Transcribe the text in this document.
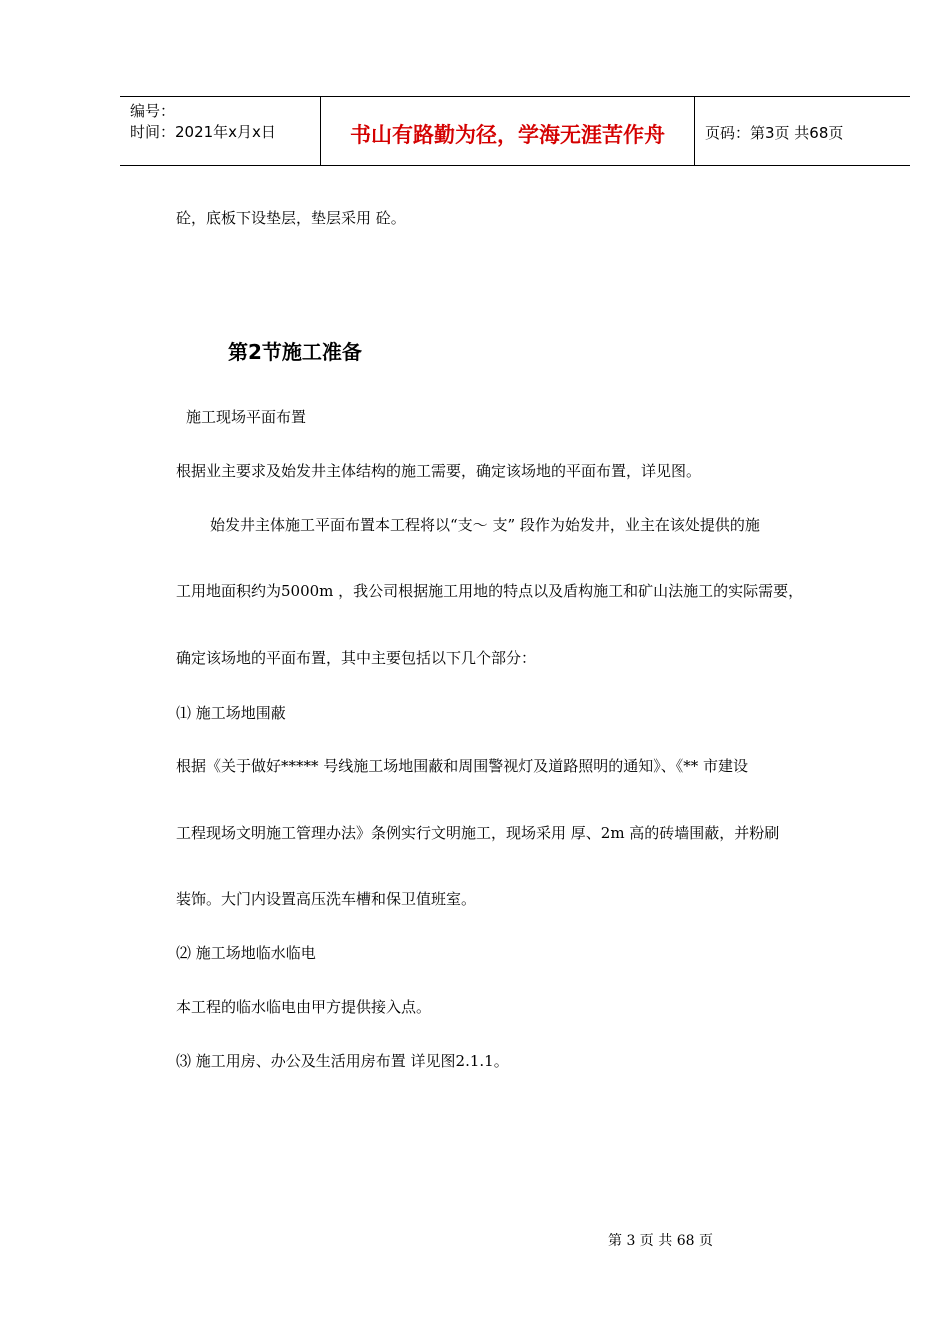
编号：
时间：2021年x月x日	书山有路勤为径，学海无涯苦作舟	页码：第3页 共68页
砼，底板下设垫层，垫层采用 砼。
第2节施工准备
施工现场平面布置
根据业主要求及始发井主体结构的施工需要，确定该场地的平面布置，详见图。
始发井主体施工平面布置本工程将以“支～ 支” 段作为始发井，业主在该处提供的施
工用地面积约为5000m ，我公司根据施工用地的特点以及盾构施工和矿山法施工的实际需要，
确定该场地的平面布置，其中主要包括以下几个部分：
⑴ 施工场地围蔽
根据《关于做好***** 号线施工场地围蔽和周围警视灯及道路照明的通知》、《** 市建设
工程现场文明施工管理办法》条例实行文明施工，现场采用 厚、2m 高的砖墙围蔽，并粉刷
装饰。大门内设置高压洗车槽和保卫值班室。
⑵ 施工场地临水临电
本工程的临水临电由甲方提供接入点。
⑶ 施工用房、办公及生活用房布置 详见图2.1.1。
第 3 页 共 68 页
